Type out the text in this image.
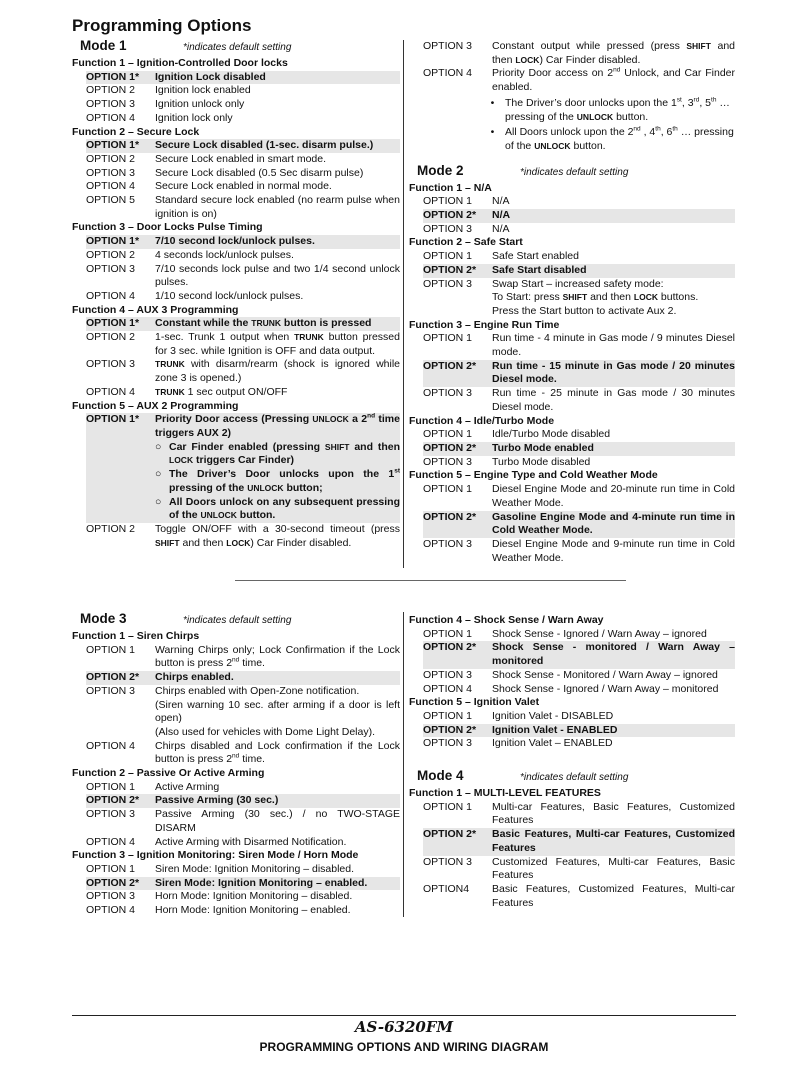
Programming Options
Mode 1	*indicates default setting
Function 1 – Ignition-Controlled Door locks
OPTION 1*	Ignition Lock disabled
OPTION 2	Ignition lock enabled
OPTION 3	Ignition unlock only
OPTION 4	Ignition lock only
Function 2 – Secure Lock
OPTION 1*	Secure Lock disabled (1-sec. disarm pulse.)
OPTION 2	Secure Lock enabled in smart mode.
OPTION 3	Secure Lock disabled (0.5 Sec disarm pulse)
OPTION 4	Secure Lock enabled in normal mode.
OPTION 5	Standard secure lock enabled (no rearm pulse when ignition is on)
Function 3 – Door Locks Pulse Timing
OPTION 1*	7/10 second lock/unlock pulses.
OPTION 2	4 seconds lock/unlock pulses.
OPTION 3	7/10 seconds lock pulse and two 1/4 second unlock pulses.
OPTION 4	1/10 second lock/unlock pulses.
Function 4 – AUX 3 Programming
OPTION 1*	Constant while the TRUNK button is pressed
OPTION 2	1-sec. Trunk 1 output when TRUNK button pressed for 3 sec. while Ignition is OFF and data output.
OPTION 3	TRUNK with disarm/rearm (shock is ignored while zone 3 is opened.)
OPTION 4	TRUNK 1 sec output ON/OFF
Function 5 – AUX 2 Programming
OPTION 1*	Priority Door access (Pressing UNLOCK a 2nd time triggers AUX 2)
○ Car Finder enabled (pressing SHIFT and then LOCK triggers Car Finder)
○ The Driver’s Door unlocks upon the 1st pressing of the UNLOCK button;
○ All Doors unlock on any subsequent pressing of the UNLOCK button.
OPTION 2	Toggle ON/OFF with a 30-second timeout (press SHIFT and then LOCK) Car Finder disabled.
OPTION 3	Constant output while pressed (press SHIFT and then LOCK) Car Finder disabled.
OPTION 4	Priority Door access on 2nd Unlock, and Car Finder enabled.
•	The Driver’s door unlocks upon the 1st, 3rd, 5th … pressing of the UNLOCK button.
•	All Doors unlock upon the 2nd , 4th, 6th … pressing of the UNLOCK button.
Mode 2	*indicates default setting
Function 1 – N/A
OPTION 1	N/A
OPTION 2*	N/A
OPTION 3	N/A
Function 2 – Safe Start
OPTION 1	Safe Start enabled
OPTION 2*	Safe Start disabled
OPTION 3	Swap Start – increased safety mode:
To Start: press SHIFT and then LOCK buttons.
Press the Start button to activate Aux 2.
Function 3 – Engine Run Time
OPTION 1	Run time - 4 minute in Gas mode / 9 minutes Diesel mode.
OPTION 2*	Run time - 15 minute in Gas mode / 20 minutes Diesel mode.
OPTION 3	Run time - 25 minute in Gas mode / 30 minutes Diesel mode.
Function 4 – Idle/Turbo Mode
OPTION 1	Idle/Turbo Mode disabled
OPTION 2*	Turbo Mode enabled
OPTION 3	Turbo Mode disabled
Function 5 – Engine Type and Cold Weather Mode
OPTION 1	Diesel Engine Mode and 20-minute run time in Cold Weather Mode.
OPTION 2*	Gasoline Engine Mode and 4-minute run time in Cold Weather Mode.
OPTION 3	Diesel Engine Mode and 9-minute run time in Cold Weather Mode.
Mode 3	*indicates default setting
Function 1 – Siren Chirps
OPTION 1	Warning Chirps only; Lock Confirmation if the Lock button is press 2nd time.
OPTION 2*	Chirps enabled.
OPTION 3	Chirps enabled with Open-Zone notification.
(Siren warning 10 sec. after arming if a door is left open)
(Also used for vehicles with Dome Light Delay).
OPTION 4	Chirps disabled and Lock confirmation if the Lock button is press 2nd time.
Function 2 – Passive Or Active Arming
OPTION 1	Active Arming
OPTION 2*	Passive Arming (30 sec.)
OPTION 3	Passive Arming (30 sec.) / no TWO-STAGE DISARM
OPTION 4	Active Arming with Disarmed Notification.
Function 3 – Ignition Monitoring: Siren Mode / Horn Mode
OPTION 1	Siren Mode: Ignition Monitoring – disabled.
OPTION 2*	Siren Mode: Ignition Monitoring – enabled.
OPTION 3	Horn Mode: Ignition Monitoring – disabled.
OPTION 4	Horn Mode: Ignition Monitoring – enabled.
Function 4 – Shock Sense / Warn Away
OPTION 1	Shock Sense - Ignored / Warn Away – ignored
OPTION 2*	Shock Sense - monitored / Warn Away – monitored
OPTION 3	Shock Sense - Monitored / Warn Away – ignored
OPTION 4	Shock Sense - Ignored / Warn Away – monitored
Function 5 – Ignition Valet
OPTION 1	Ignition Valet - DISABLED
OPTION 2*	Ignition Valet - ENABLED
OPTION 3	Ignition Valet – ENABLED
Mode 4	*indicates default setting
Function 1 – MULTI-LEVEL FEATURES
OPTION 1	Multi-car Features, Basic Features, Customized Features
OPTION 2*	Basic Features, Multi-car Features, Customized Features
OPTION 3	Customized Features, Multi-car Features, Basic Features
OPTION4	Basic Features, Customized Features, Multi-car Features
AS-6320FM
PROGRAMMING OPTIONS AND WIRING DIAGRAM
